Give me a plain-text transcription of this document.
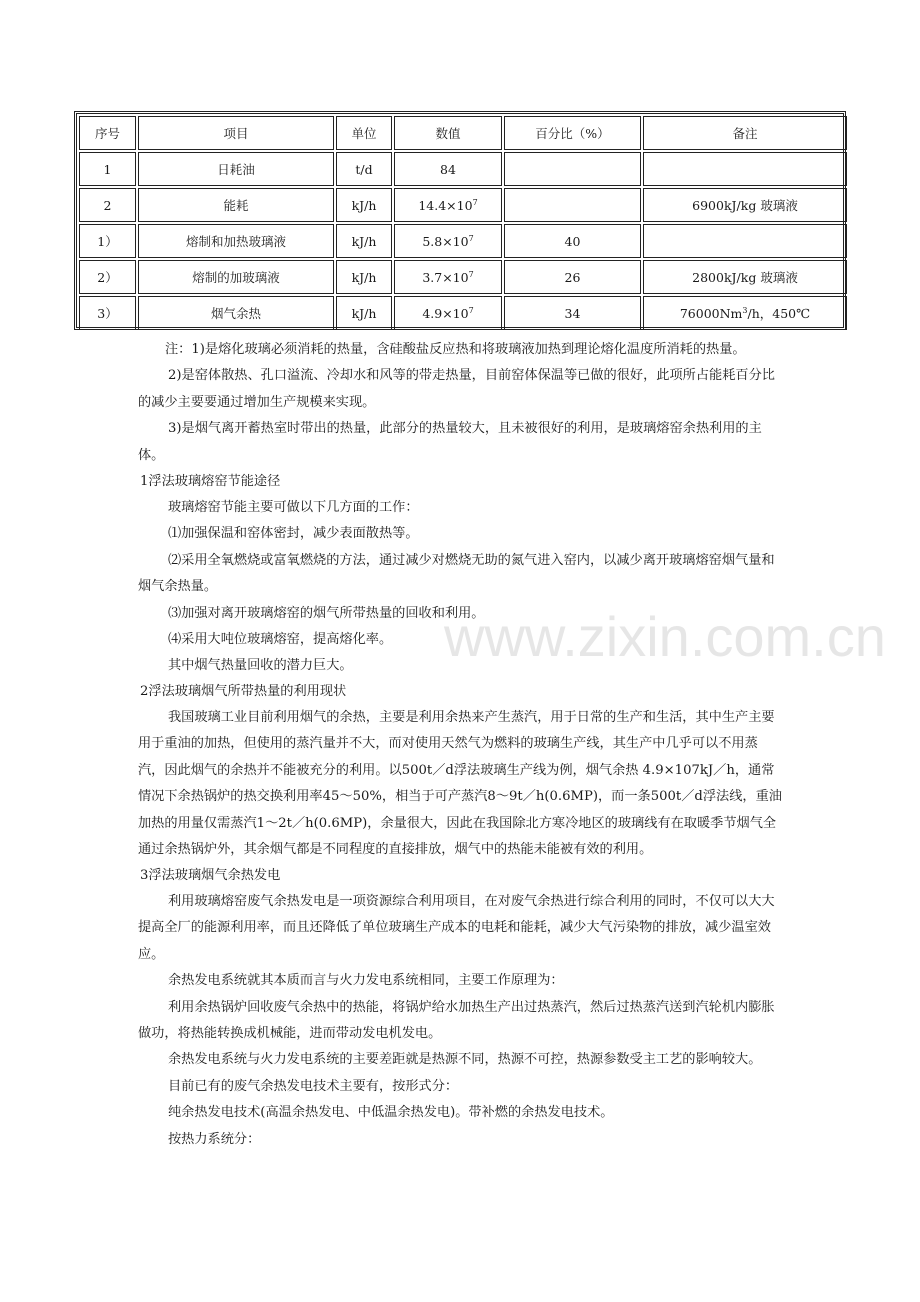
序号	项目	单位	数值	百分比（%）	备注
1	日耗油	t/d	84		
2	能耗	kJ/h	$14.4\times 10^7$		6900kJ/kg 玻璃液
1）	熔制和加热玻璃液	kJ/h	$5.8\times 10^7$	40	
2）	熔制的加玻璃液	kJ/h	$3.7\times 10^7$	26	2800kJ/kg 玻璃液
3）	烟气余热	kJ/h	$4.9\times 10^7$	34	76000Nm$^3$/h，450℃

注：1)是熔化玻璃必须消耗的热量，含硅酸盐反应热和将玻璃液加热到理论熔化温度所消耗的热量。

2)是窑体散热、孔口溢流、冷却水和风等的带走热量，目前窑体保温等已做的很好，此项所占能耗百分比的减少主要要通过增加生产规模来实现。

3)是烟气离开蓄热室时带出的热量，此部分的热量较大，且未被很好的利用，是玻璃熔窑余热利用的主体。

1浮法玻璃熔窑节能途径

玻璃熔窑节能主要可做以下几方面的工作：

⑴加强保温和窑体密封，减少表面散热等。

⑵采用全氧燃烧或富氧燃烧的方法，通过减少对燃烧无助的氮气进入窑内，以减少离开玻璃熔窑烟气量和烟气余热量。

⑶加强对离开玻璃熔窑的烟气所带热量的回收和利用。

⑷采用大吨位玻璃熔窑，提高熔化率。

其中烟气热量回收的潜力巨大。

2浮法玻璃烟气所带热量的利用现状

我国玻璃工业目前利用烟气的余热，主要是利用余热来产生蒸汽，用于日常的生产和生活，其中生产主要用于重油的加热，但使用的蒸汽量并不大，而对使用天然气为燃料的玻璃生产线，其生产中几乎可以不用蒸汽，因此烟气的余热并不能被充分的利用。以500t／d浮法玻璃生产线为例，烟气余热 4.9×107kJ／h，通常情况下余热锅炉的热交换利用率45～50%，相当于可产蒸汽8～9t／h(0.6MP)，而一条500t／d浮法线，重油加热的用量仅需蒸汽1～2t／h(0.6MP)，余量很大，因此在我国除北方寒冷地区的玻璃线有在取暖季节烟气全通过余热锅炉外，其余烟气都是不同程度的直接排放，烟气中的热能未能被有效的利用。

3浮法玻璃烟气余热发电

利用玻璃熔窑废气余热发电是一项资源综合利用项目，在对废气余热进行综合利用的同时，不仅可以大大提高全厂的能源利用率，而且还降低了单位玻璃生产成本的电耗和能耗，减少大气污染物的排放，减少温室效应。

余热发电系统就其本质而言与火力发电系统相同，主要工作原理为：

利用余热锅炉回收废气余热中的热能，将锅炉给水加热生产出过热蒸汽，然后过热蒸汽送到汽轮机内膨胀做功，将热能转换成机械能，进而带动发电机发电。

余热发电系统与火力发电系统的主要差距就是热源不同，热源不可控，热源参数受主工艺的影响较大。

目前已有的废气余热发电技术主要有，按形式分：

纯余热发电技术(高温余热发电、中低温余热发电)。带补燃的余热发电技术。

按热力系统分：

www.zixin.com.cn
